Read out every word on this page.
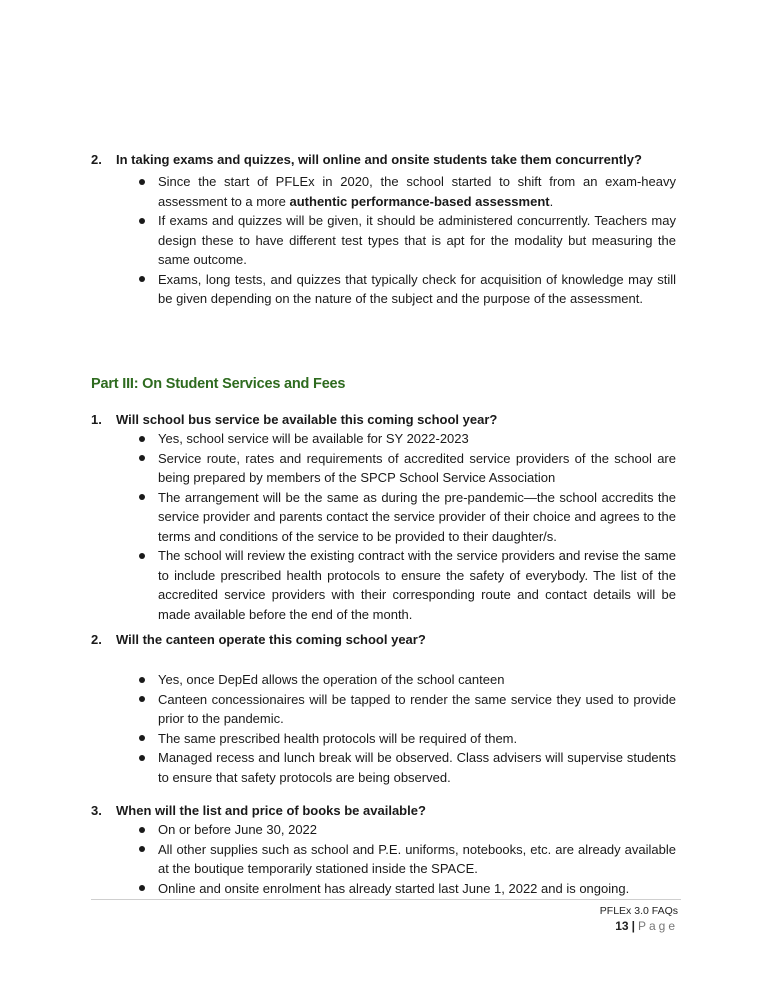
2. In taking exams and quizzes, will online and onsite students take them concurrently?

Since the start of PFLEx in 2020, the school started to shift from an exam-heavy assessment to a more authentic performance-based assessment.
If exams and quizzes will be given, it should be administered concurrently. Teachers may design these to have different test types that is apt for the modality but measuring the same outcome.
Exams, long tests, and quizzes that typically check for acquisition of knowledge may still be given depending on the nature of the subject and the purpose of the assessment.
Part III: On Student Services and Fees

1. Will school bus service be available this coming school year?

Yes, school service will be available for SY 2022-2023
Service route, rates and requirements of accredited service providers of the school are being prepared by members of the SPCP School Service Association
The arrangement will be the same as during the pre-pandemic—the school accredits the service provider and parents contact the service provider of their choice and agrees to the terms and conditions of the service to be provided to their daughter/s.
The school will review the existing contract with the service providers and revise the same to include prescribed health protocols to ensure the safety of everybody. The list of the accredited service providers with their corresponding route and contact details will be made available before the end of the month.

2. Will the canteen operate this coming school year?

Yes, once DepEd allows the operation of the school canteen
Canteen concessionaires will be tapped to render the same service they used to provide prior to the pandemic.
The same prescribed health protocols will be required of them.
Managed recess and lunch break will be observed. Class advisers will supervise students to ensure that safety protocols are being observed.

3. When will the list and price of books be available?

On or before June 30, 2022
All other supplies such as school and P.E. uniforms, notebooks, etc. are already available at the boutique temporarily stationed inside the SPACE.
Online and onsite enrolment has already started last June 1, 2022 and is ongoing.
PFLEx 3.0 FAQs
13 | Page
